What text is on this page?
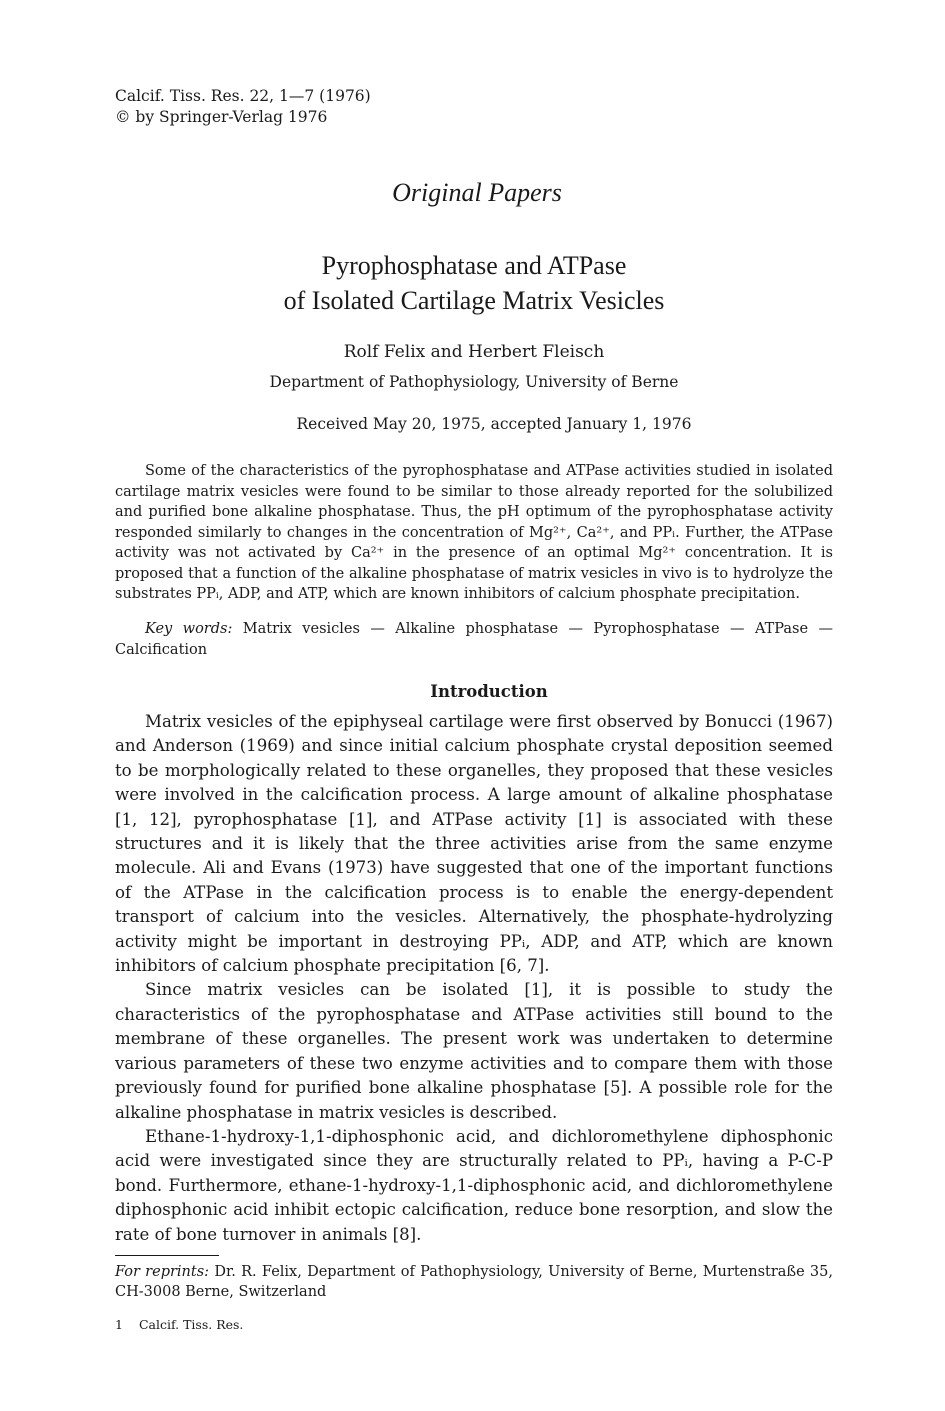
Calcif. Tiss. Res. 22, 1—7 (1976)
© by Springer-Verlag 1976
Original Papers
Pyrophosphatase and ATPase
of Isolated Cartilage Matrix Vesicles
Rolf Felix and Herbert Fleisch
Department of Pathophysiology, University of Berne
Received May 20, 1975, accepted January 1, 1976

Some of the characteristics of the pyrophosphatase and ATPase activities studied in isolated cartilage matrix vesicles were found to be similar to those already reported for the solubilized and purified bone alkaline phosphatase. Thus, the pH optimum of the pyrophosphatase activity responded similarly to changes in the concentration of Mg²⁺, Ca²⁺, and PPᵢ. Further, the ATPase activity was not activated by Ca²⁺ in the presence of an optimal Mg²⁺ concentration. It is proposed that a function of the alkaline phosphatase of matrix vesicles in vivo is to hydrolyze the substrates PPᵢ, ADP, and ATP, which are known inhibitors of calcium phosphate precipitation.

Key words: Matrix vesicles — Alkaline phosphatase — Pyrophosphatase — ATPase — Calcification

Introduction

Matrix vesicles of the epiphyseal cartilage were first observed by Bonucci (1967) and Anderson (1969) and since initial calcium phosphate crystal deposition seemed to be morphologically related to these organelles, they proposed that these vesicles were involved in the calcification process. A large amount of alkaline phosphatase [1, 12], pyrophosphatase [1], and ATPase activity [1] is associated with these structures and it is likely that the three activities arise from the same enzyme molecule. Ali and Evans (1973) have suggested that one of the important functions of the ATPase in the calcification process is to enable the energy-dependent transport of calcium into the vesicles. Alternatively, the phosphate-hydrolyzing activity might be important in destroying PPᵢ, ADP, and ATP, which are known inhibitors of calcium phosphate precipitation [6, 7].

Since matrix vesicles can be isolated [1], it is possible to study the characteristics of the pyrophosphatase and ATPase activities still bound to the membrane of these organelles. The present work was undertaken to determine various parameters of these two enzyme activities and to compare them with those previously found for purified bone alkaline phosphatase [5]. A possible role for the alkaline phosphatase in matrix vesicles is described.

Ethane-1-hydroxy-1,1-diphosphonic acid, and dichloromethylene diphosphonic acid were investigated since they are structurally related to PPᵢ, having a P-C-P bond. Furthermore, ethane-1-hydroxy-1,1-diphosphonic acid, and dichloromethylene diphosphonic acid inhibit ectopic calcification, reduce bone resorption, and slow the rate of bone turnover in animals [8].

For reprints: Dr. R. Felix, Department of Pathophysiology, University of Berne, Murtenstraße 35, CH-3008 Berne, Switzerland

1 Calcif. Tiss. Res.
